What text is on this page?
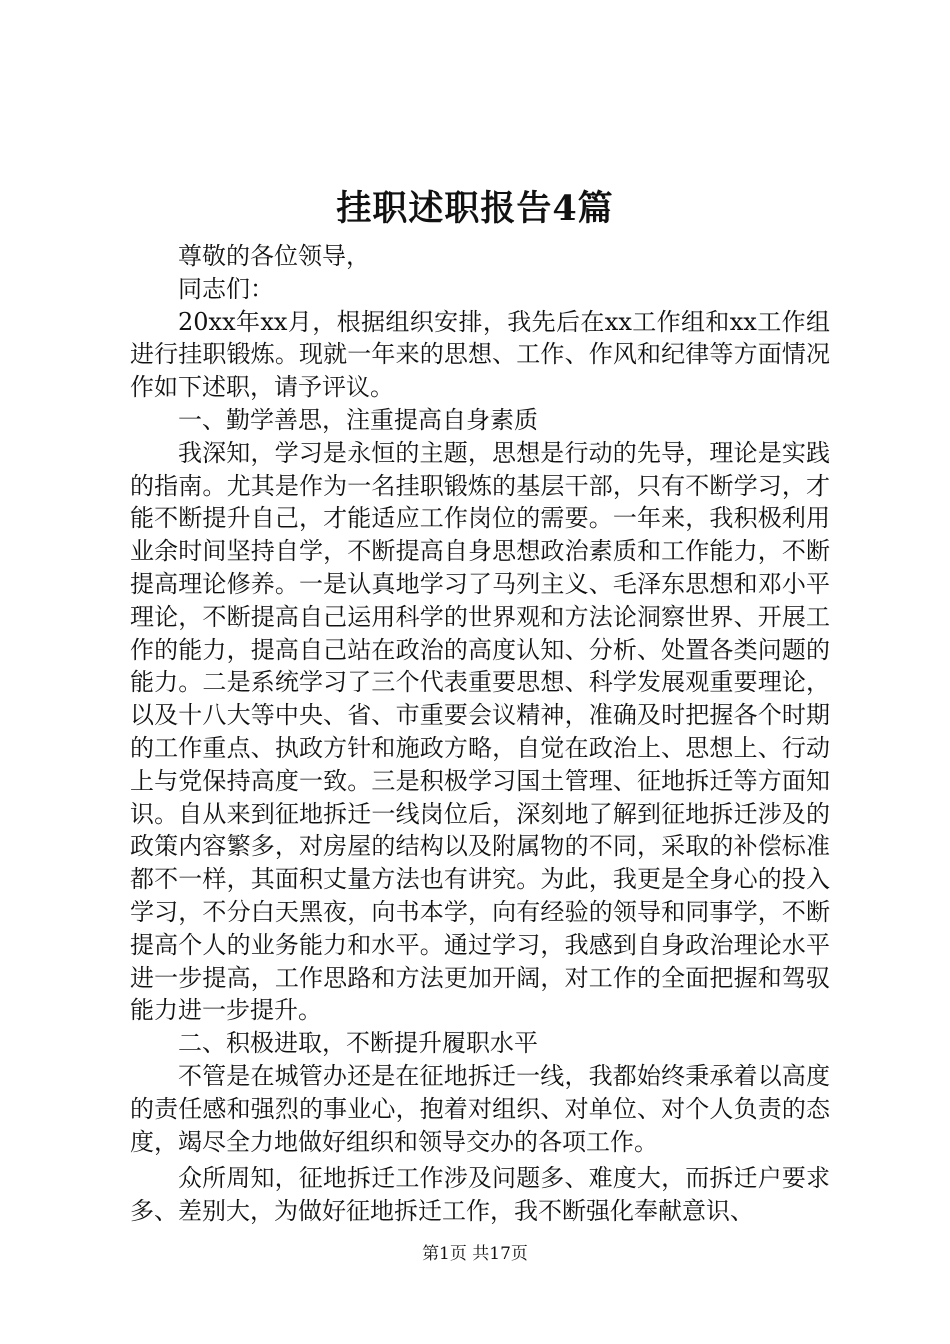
挂职述职报告4篇

尊敬的各位领导，

同志们：

20xx年xx月，根据组织安排，我先后在xx工作组和xx工作组进行挂职锻炼。现就一年来的思想、工作、作风和纪律等方面情况作如下述职，请予评议。

一、勤学善思，注重提高自身素质

我深知，学习是永恒的主题，思想是行动的先导，理论是实践的指南。尤其是作为一名挂职锻炼的基层干部，只有不断学习，才能不断提升自己，才能适应工作岗位的需要。一年来，我积极利用业余时间坚持自学，不断提高自身思想政治素质和工作能力，不断提高理论修养。一是认真地学习了马列主义、毛泽东思想和邓小平理论，不断提高自己运用科学的世界观和方法论洞察世界、开展工作的能力，提高自己站在政治的高度认知、分析、处置各类问题的能力。二是系统学习了三个代表重要思想、科学发展观重要理论，以及十八大等中央、省、市重要会议精神，准确及时把握各个时期的工作重点、执政方针和施政方略，自觉在政治上、思想上、行动上与党保持高度一致。三是积极学习国土管理、征地拆迁等方面知识。自从来到征地拆迁一线岗位后，深刻地了解到征地拆迁涉及的政策内容繁多，对房屋的结构以及附属物的不同，采取的补偿标准都不一样，其面积丈量方法也有讲究。为此，我更是全身心的投入学习，不分白天黑夜，向书本学，向有经验的领导和同事学，不断提高个人的业务能力和水平。通过学习，我感到自身政治理论水平进一步提高，工作思路和方法更加开阔，对工作的全面把握和驾驭能力进一步提升。

二、积极进取，不断提升履职水平

不管是在城管办还是在征地拆迁一线，我都始终秉承着以高度的责任感和强烈的事业心，抱着对组织、对单位、对个人负责的态度，竭尽全力地做好组织和领导交办的各项工作。

众所周知，征地拆迁工作涉及问题多、难度大，而拆迁户要求多、差别大，为做好征地拆迁工作，我不断强化奉献意识、

第1页 共17页
